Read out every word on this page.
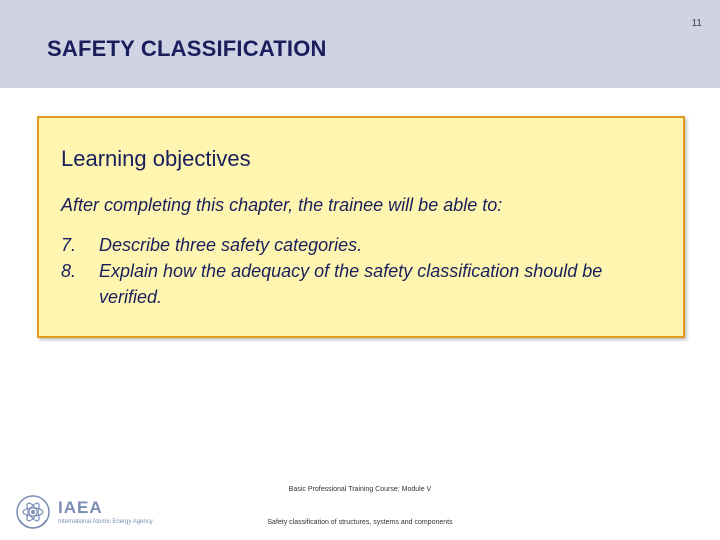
11
SAFETY CLASSIFICATION
Learning objectives
After completing this chapter, the trainee will be able to:
7.	Describe three safety categories.
8.	Explain how the adequacy of the safety classification should be verified.
IAEA
International Atomic Energy Agency
Basic Professional Training Course: Module V
Safety classification of structures, systems and components
